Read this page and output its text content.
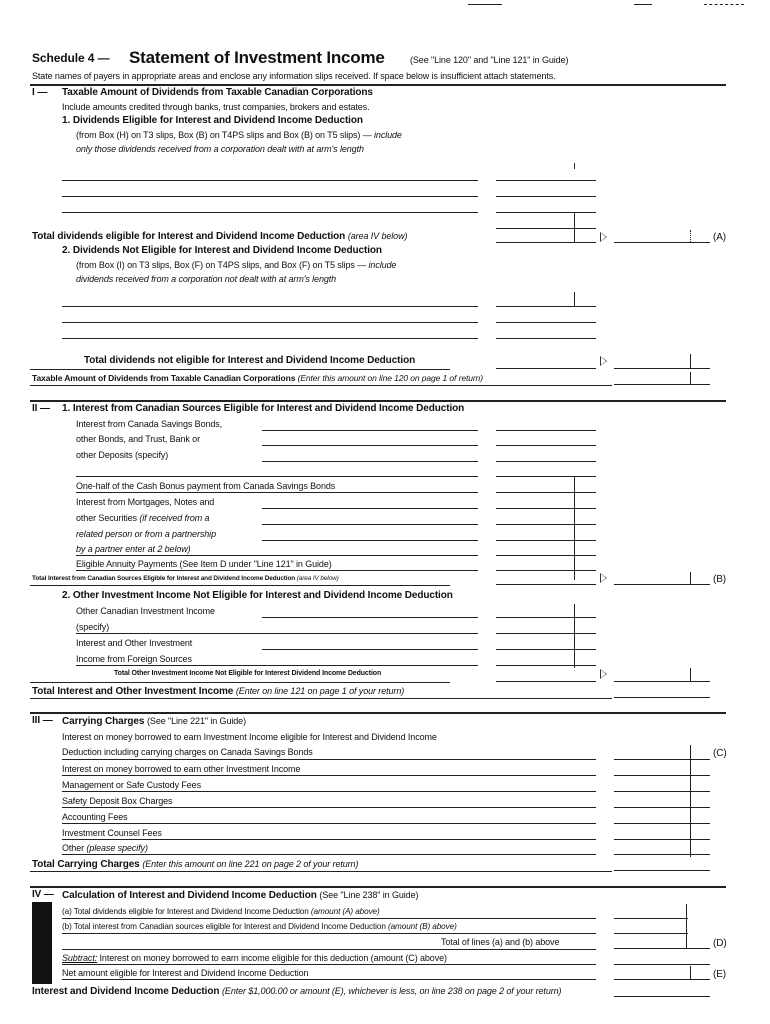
Schedule 4 — Statement of Investment Income	(See "Line 120" and "Line 121" in Guide)
State names of payers in appropriate areas and enclose any information slips received. If space below is insufficient attach statements.
I — Taxable Amount of Dividends from Taxable Canadian Corporations
Include amounts credited through banks, trust companies, brokers and estates.
1. Dividends Eligible for Interest and Dividend Income Deduction
(from Box (H) on T3 slips, Box (B) on T4PS slips and Box (B) on T5 slips) — include
only those dividends received from a corporation dealt with at arm's length
Total dividends eligible for Interest and Dividend Income Deduction (area IV below)	(A)
2. Dividends Not Eligible for Interest and Dividend Income Deduction
(from Box (I) on T3 slips, Box (F) on T4PS slips, and Box (F) on T5 slips — include
dividends received from a corporation not dealt with at arm's length
Total dividends not eligible for Interest and Dividend Income Deduction
Taxable Amount of Dividends from Taxable Canadian Corporations (Enter this amount on line 120 on page 1 of return)
II — 1. Interest from Canadian Sources Eligible for Interest and Dividend Income Deduction
Interest from Canada Savings Bonds,
other Bonds, and Trust, Bank or
other Deposits (specify)
One-half of the Cash Bonus payment from Canada Savings Bonds
Interest from Mortgages, Notes and
other Securities (if received from a
related person or from a partnership
by a partner enter at 2 below)
Eligible Annuity Payments (See Item D under "Line 121" in Guide)
Total Interest from Canadian Sources Eligible for Interest and Dividend Income Deduction (area IV below)	(B)
2. Other Investment Income Not Eligible for Interest and Dividend Income Deduction
Other Canadian Investment Income
(specify)
Interest and Other Investment
Income from Foreign Sources
Total Other Investment Income Not Eligible for Interest Dividend Income Deduction
Total Interest and Other Investment Income (Enter on line 121 on page 1 of your return)
III — Carrying Charges (See "Line 221" in Guide)
Interest on money borrowed to earn Investment Income eligible for Interest and Dividend Income
Deduction including carrying charges on Canada Savings Bonds	(C)
Interest on money borrowed to earn other Investment Income
Management or Safe Custody Fees
Safety Deposit Box Charges
Accounting Fees
Investment Counsel Fees
Other (please specify)
Total Carrying Charges (Enter this amount on line 221 on page 2 of your return)
IV — Calculation of Interest and Dividend Income Deduction (See "Line 238" in Guide)
(a) Total dividends eligible for Interest and Dividend Income Deduction (amount (A) above)
(b) Total interest from Canadian sources eligible for Interest and Dividend Income Deduction (amount (B) above)
Total of lines (a) and (b) above	(D)
Subtract: Interest on money borrowed to earn income eligible for this deduction (amount (C) above)
Net amount eligible for Interest and Dividend Income Deduction	(E)
Interest and Dividend Income Deduction (Enter $1,000.00 or amount (E), whichever is less, on line 238 on page 2 of your return)
